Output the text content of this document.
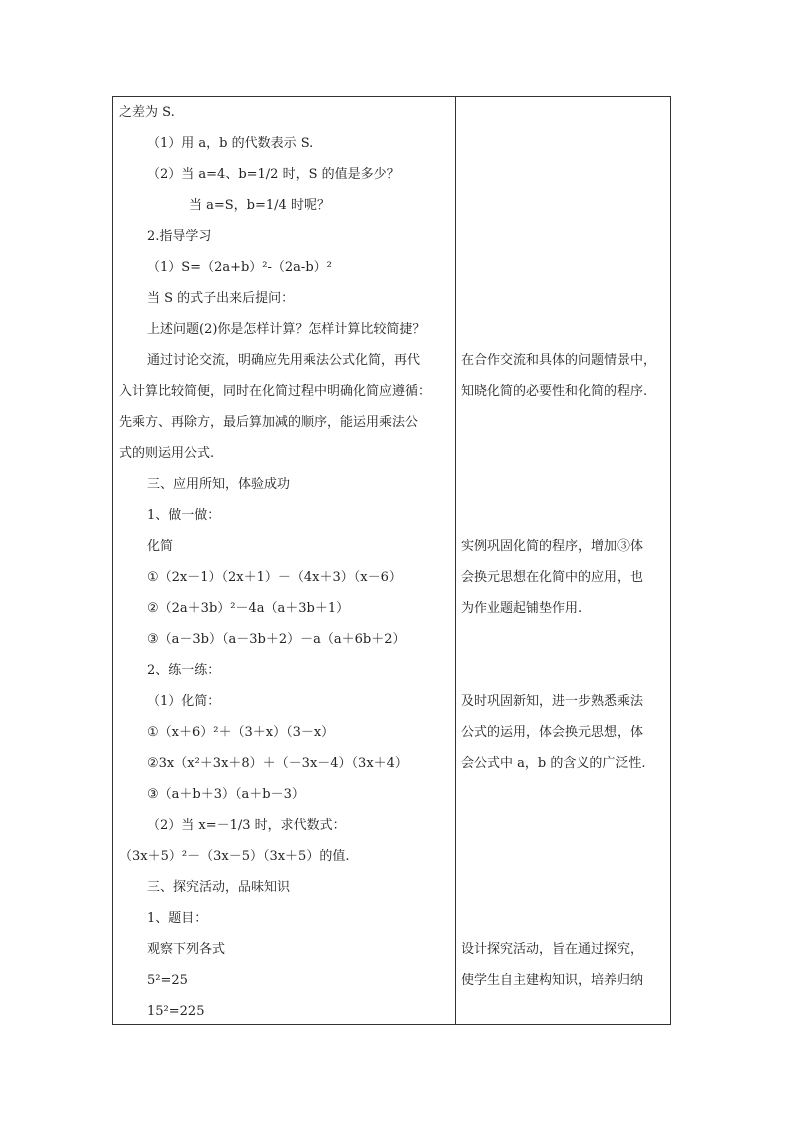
之差为 S.
（1）用 a，b 的代数表示 S.
（2）当 a=4、b=1/2 时，S 的值是多少？
当 a=S，b=1/4 时呢？
2.指导学习
（1）S=（2a+b）²-（2a-b）²
当 S 的式子出来后提问：
上述问题(2)你是怎样计算？怎样计算比较简捷？
通过讨论交流，明确应先用乘法公式化简，再代
入计算比较简便，同时在化简过程中明确化简应遵循：
先乘方、再除方，最后算加减的顺序，能运用乘法公
式的则运用公式.
三、应用所知，体验成功
1、做一做：
化简
①（2x－1）（2x＋1）－（4x＋3）（x－6）
②（2a＋3b）²－4a（a＋3b＋1）
③（a－3b）（a－3b＋2）－a（a＋6b＋2）
2、练一练：
（1）化简：
①（x＋6）²＋（3＋x）（3－x）
②3x（x²＋3x＋8）＋（－3x－4）（3x＋4）
③（a＋b＋3）（a＋b－3）
（2）当 x=－1/3 时，求代数式：
（3x＋5）²－（3x－5）（3x＋5）的值.
三、探究活动，品味知识
1、题目：
观察下列各式
5²=25
15²=225
在合作交流和具体的问题情景中，
知晓化简的必要性和化简的程序.
实例巩固化简的程序，增加③体
会换元思想在化简中的应用，也
为作业题起铺垫作用.
及时巩固新知，进一步熟悉乘法
公式的运用，体会换元思想，体
会公式中 a，b 的含义的广泛性.
设计探究活动，旨在通过探究，
使学生自主建构知识，培养归纳
